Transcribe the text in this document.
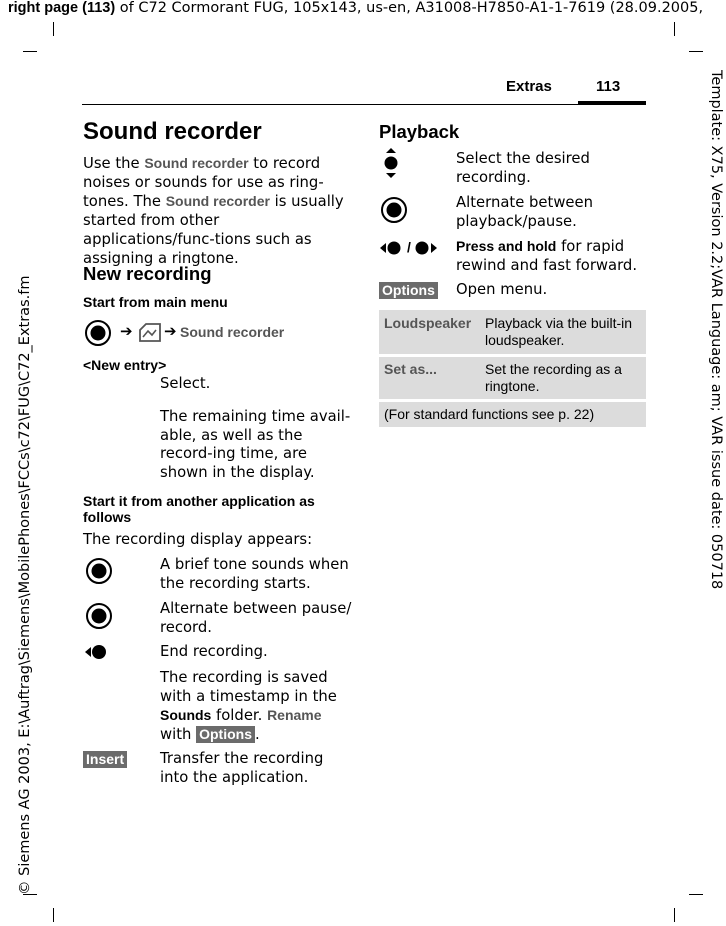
right page (113) of C72 Cormorant FUG, 105x143, us-en, A31008-H7850-A1-1-7619 (28.09.2005,
Template: X75, Version 2.2;VAR Language: am; VAR issue date: 050718
© Siemens AG 2003, E:\Auftrag\Siemens\MobilePhones\FCCs\c72\FUG\C72_Extras.fm
Extras	113
Sound recorder
Use the Sound recorder to record noises or sounds for use as ring-tones. The Sound recorder is usually started from other applications/func-tions such as assigning a ringtone.
New recording
Start from main menu
➔ ➔ Sound recorder
<New entry>
Select.
The remaining time avail-able, as well as the record-ing time, are shown in the display.
Start it from another application as follows
The recording display appears:
A brief tone sounds when the recording starts.
Alternate between pause/ record.
End recording.
The recording is saved with a timestamp in the Sounds folder. Rename
with Options .
Insert Transfer the recording into the application.
Playback
Select the desired recording.
Alternate between playback/pause.
/	Press and hold for rapid rewind and fast forward.
Options Open menu.
Loudspeaker Playback via the built-in loudspeaker.
Set as...	Set the recording as a ringtone.
(For standard functions see p. 22)
